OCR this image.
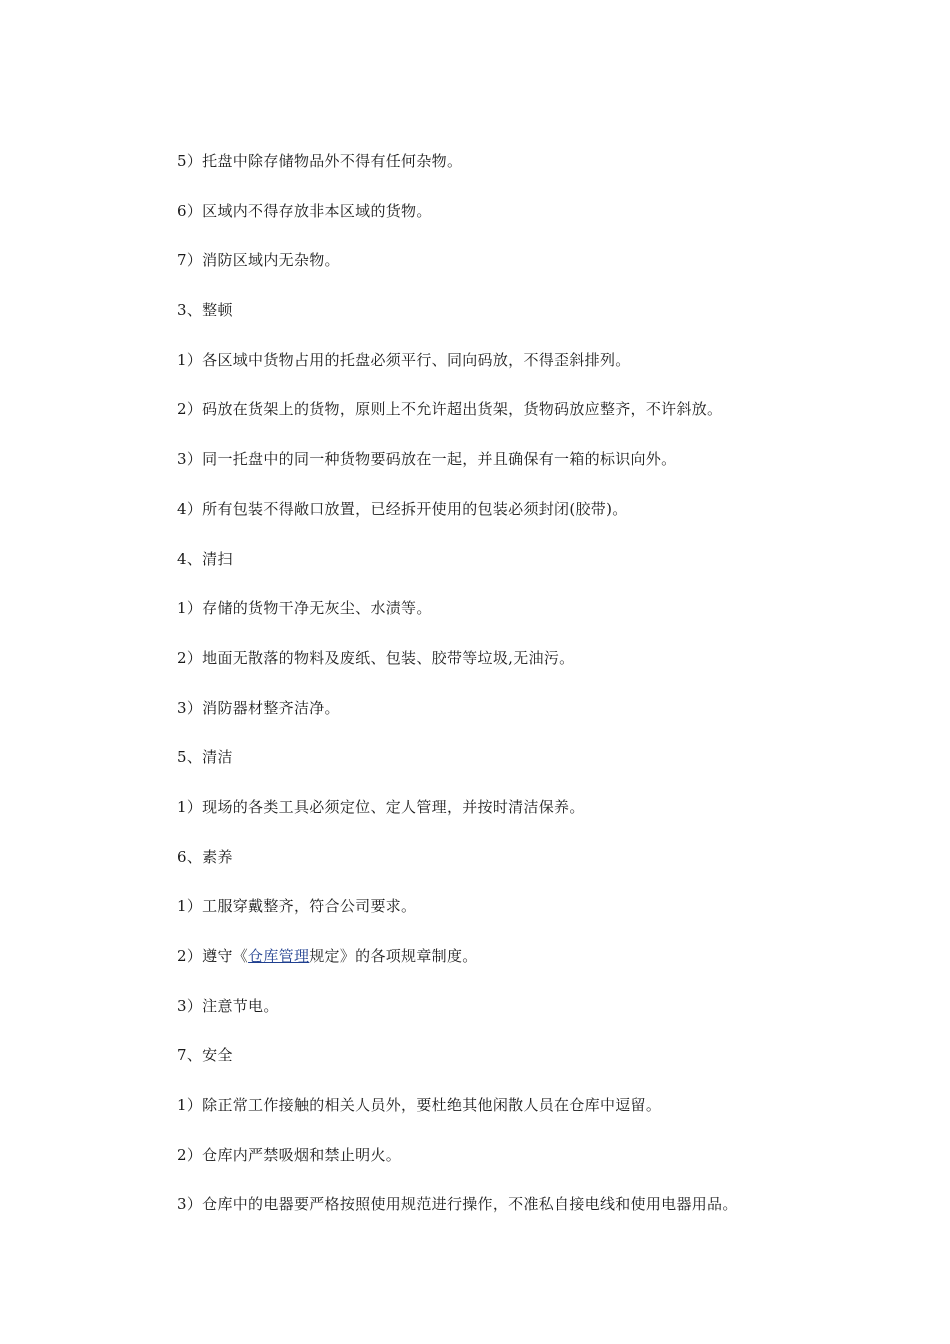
5）托盘中除存储物品外不得有任何杂物。
6）区域内不得存放非本区域的货物。
7）消防区域内无杂物。
3、整顿
1）各区域中货物占用的托盘必须平行、同向码放，不得歪斜排列。
2）码放在货架上的货物，原则上不允许超出货架，货物码放应整齐，不许斜放。
3）同一托盘中的同一种货物要码放在一起，并且确保有一箱的标识向外。
4）所有包装不得敞口放置，已经拆开使用的包装必须封闭(胶带)。
4、清扫
1）存储的货物干净无灰尘、水渍等。
2）地面无散落的物料及废纸、包装、胶带等垃圾,无油污。
3）消防器材整齐洁净。
5、清洁
1）现场的各类工具必须定位、定人管理，并按时清洁保养。
6、素养
1）工服穿戴整齐，符合公司要求。
2）遵守《仓库管理规定》的各项规章制度。
3）注意节电。
7、安全
1）除正常工作接触的相关人员外，要杜绝其他闲散人员在仓库中逗留。
2）仓库内严禁吸烟和禁止明火。
3）仓库中的电器要严格按照使用规范进行操作，不准私自接电线和使用电器用品。
